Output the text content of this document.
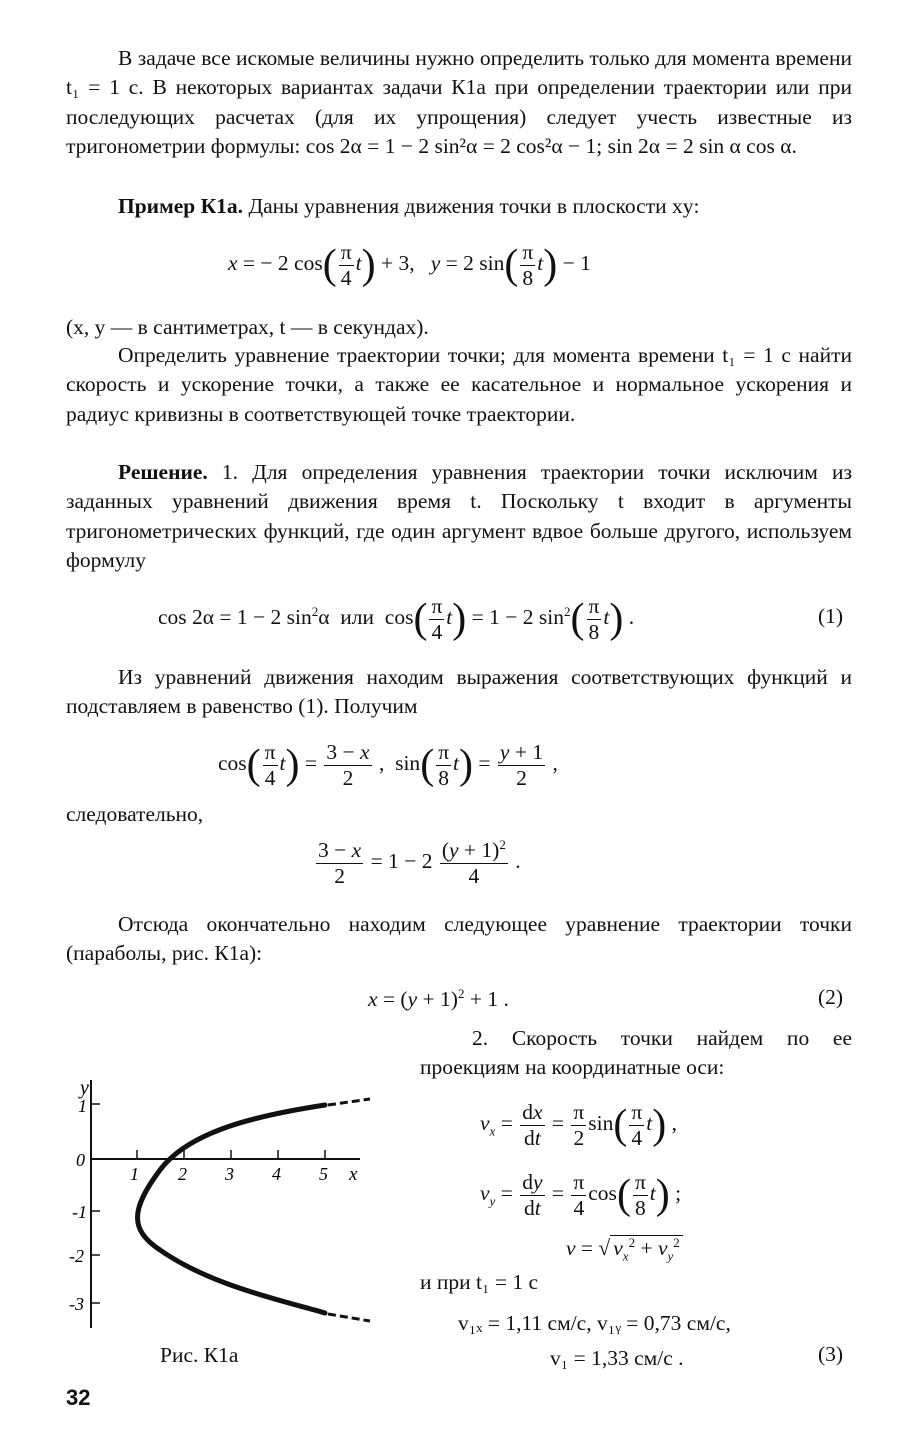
В задаче все искомые величины нужно определить только для момента времени t₁ = 1 с. В некоторых вариантах задачи К1а при определении траектории или при последующих расчетах (для их упрощения) следует учесть известные из тригонометрии формулы: cos 2α = 1 − 2 sin²α = 2 cos²α − 1; sin 2α = 2 sin α cos α.
Пример К1а. Даны уравнения движения точки в плоскости xy:
x = − 2 $\cos( \frac{\pi}{4} t) + 3$,   y = 2 $\sin( \frac{\pi}{8} t) - 1$
(x, y — в сантиметрах, t — в секундах).
Определить уравнение траектории точки; для момента времени t₁ = 1 с найти скорость и ускорение точки, а также ее касательное и нормальное ускорения и радиус кривизны в соответствующей точке траектории.
Решение. 1. Для определения уравнения траектории точки исключим из заданных уравнений движения время t. Поскольку t входит в аргументы тригонометрических функций, где один аргумент вдвое больше другого, используем формулу
cos 2α = 1 − 2 $\sin^2\alpha$  или  $\cos( \frac{\pi}{4} t) = 1 - 2$ $\sin^2( \frac{\pi}{8} t)$ .	(1)
Из уравнений движения находим выражения соответствующих функций и подставляем в равенство (1). Получим
$\cos( \frac{\pi}{4} t) = \frac{3 - x}{2}$ ,  $\sin( \frac{\pi}{8} t) = \frac{y + 1}{2}$ ,
следовательно,
$\frac{3 - x}{2} = 1 - 2 \frac{(y + 1)^2}{4}$ .
Отсюда окончательно находим следующее уравнение траектории точки (параболы, рис. К1а):
$x = (y + 1)^2 + 1$ .	(2)
2. Скорость точки найдем по ее проекциям на координатные оси:
$v_x = \frac{dx}{dt} = \frac{\pi}{2} \sin( \frac{\pi}{4} t)$ ,
$v_y = \frac{dy}{dt} = \frac{\pi}{4} \cos( \frac{\pi}{8} t)$ ;
v = √ $v_x^2 + v_y^2$
и при t₁ = 1 с
v₁ₓ = 1,11 см/с, v₁ᵧ = 0,73 см/с,
v₁ = 1,33 см/с .	(3)
y
x
1
0
-1
-2
-3
1 2 3 4 5
Рис. К1а
32
